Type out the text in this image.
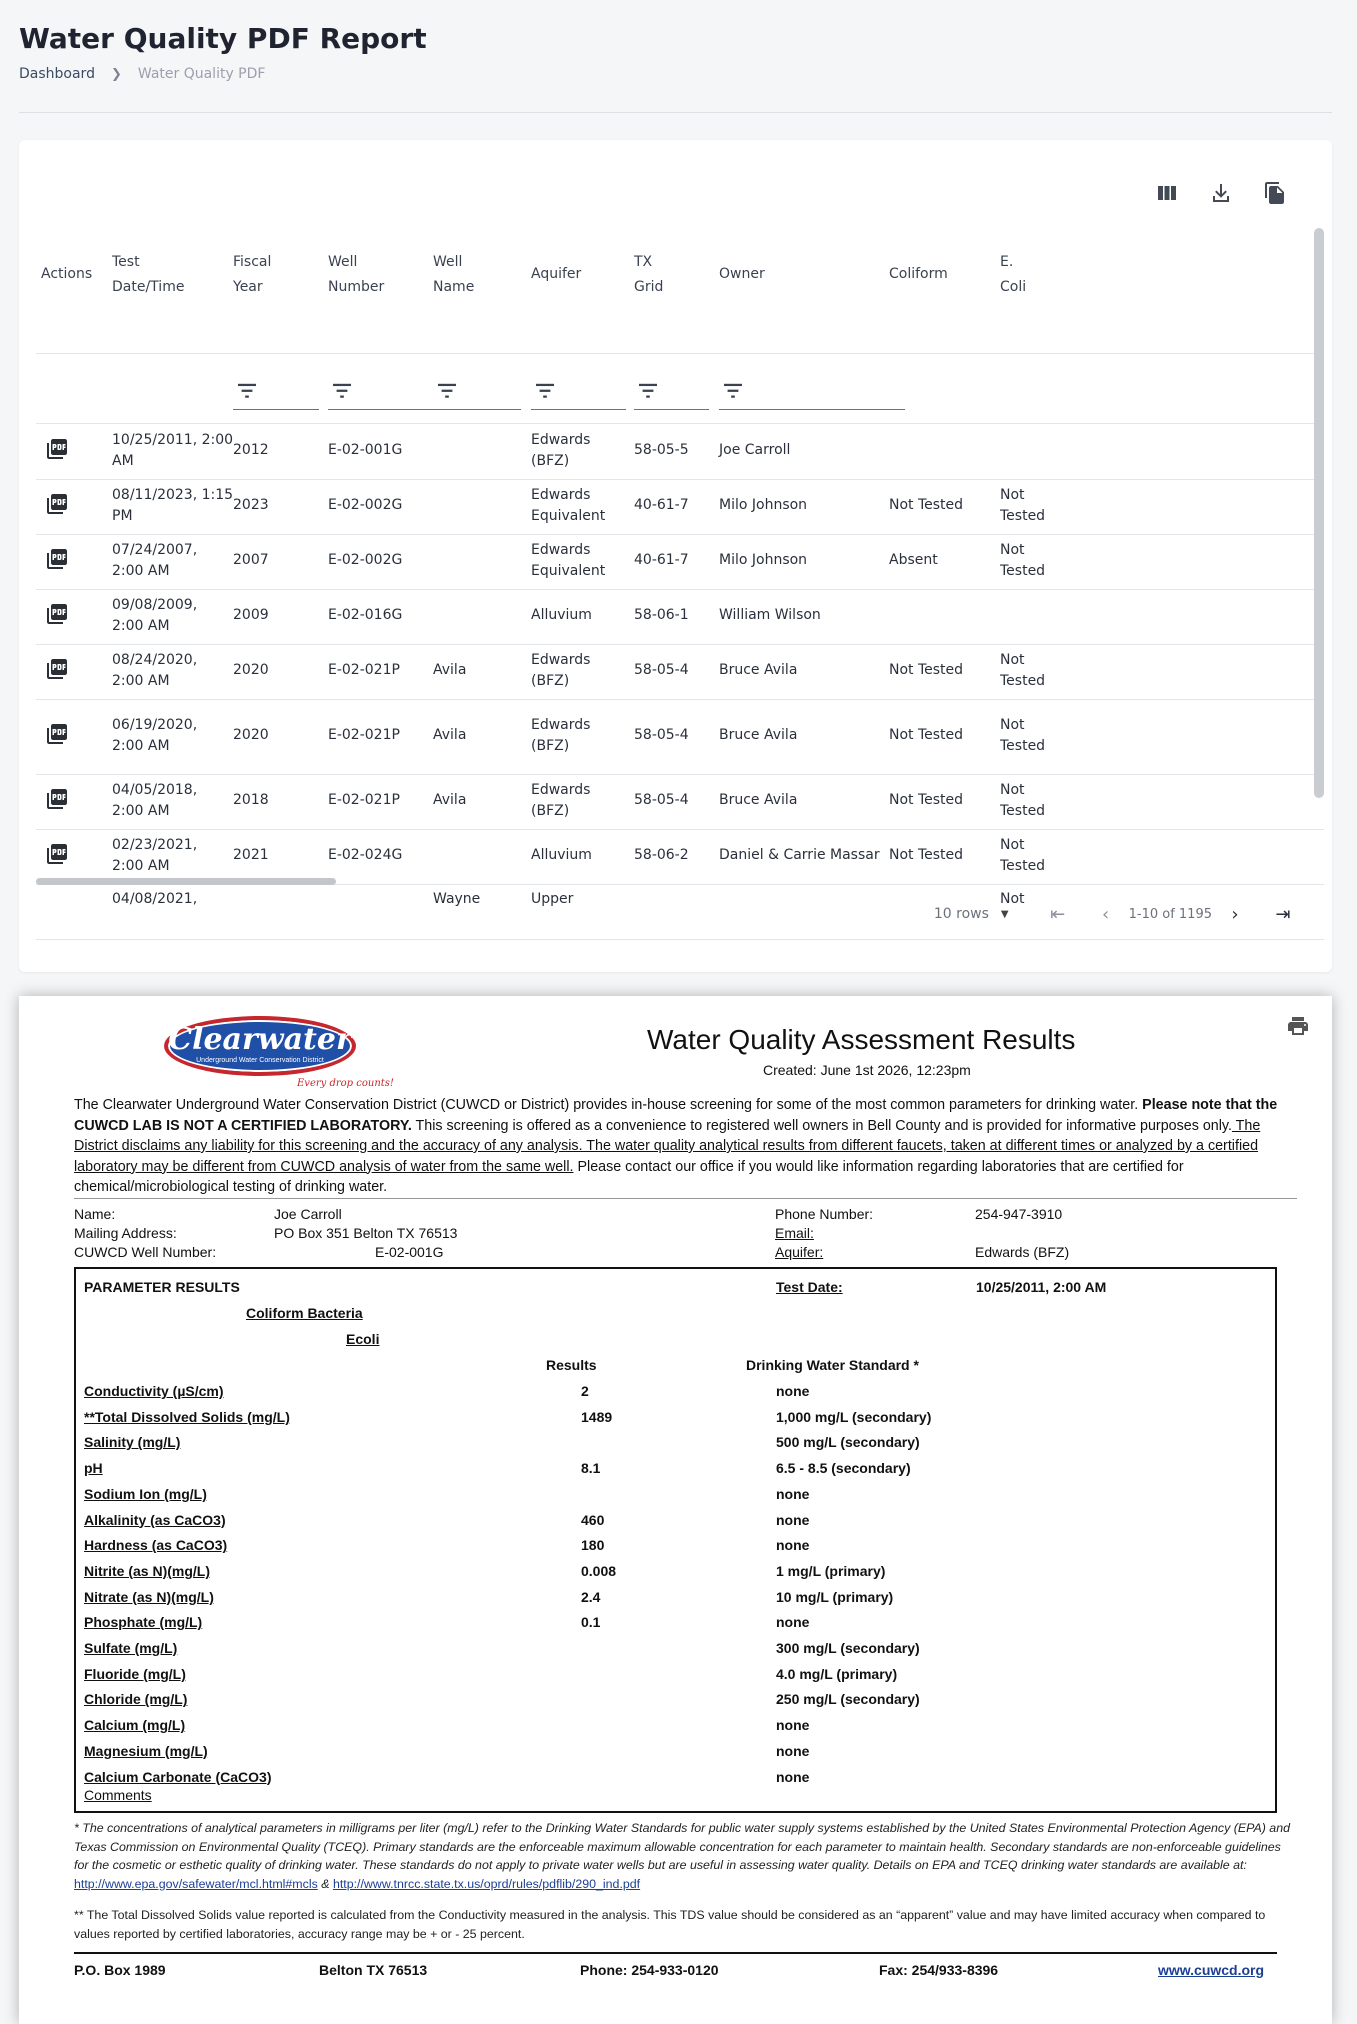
Water Quality PDF Report
Dashboard ❯ Water Quality PDF
Actions
Test
Date/Time
Fiscal
Year
Well
Number
Well
Name
Aquifer
TX
Grid
Owner	Coliform
E.
Coli
10/25/2011, 2:00
AM
2012	E-02-001G
Edwards
(BFZ)
58-05-5 Joe Carroll
08/11/2023, 1:15
PM
2023	E-02-002G
Edwards
Equivalent
40-61-7 Milo Johnson	Not Tested
Not
Tested
07/24/2007,
2:00 AM
2007	E-02-002G
Edwards
Equivalent
40-61-7 Milo Johnson	Absent
Not
Tested
09/08/2009,
2:00 AM
2009	E-02-016G	Alluvium	58-06-1 William Wilson
08/24/2020,
2:00 AM
2020	E-02-021P Avila
Edwards
(BFZ)
58-05-4 Bruce Avila	Not Tested
Not
Tested
06/19/2020,
2:00 AM
2020	E-02-021P Avila
Edwards
(BFZ)
58-05-4 Bruce Avila	Not Tested
Not
Tested
04/05/2018,
2:00 AM
2018	E-02-021P Avila
Edwards
(BFZ)
58-05-4 Bruce Avila	Not Tested
Not
Tested
02/23/2021,
2:00 AM
2021	E-02-024G	Alluvium	58-06-2 Daniel & Carrie Massar Not Tested
Not
Tested
04/08/2021,	Wayne	Upper	Not
10 rows ▼	⇤	‹	1-10 of 1195	›	⇥
Clearwater
Underground Water Conservation District
Every drop counts!
Water Quality Assessment Results
Created: June 1st 2026, 12:23pm
The Clearwater Underground Water Conservation District (CUWCD or District) provides in-house screening for some of the most common parameters for drinking water. Please note that the CUWCD LAB IS NOT A CERTIFIED LABORATORY. This screening is offered as a convenience to registered well owners in Bell County and is provided for informative purposes only. The District disclaims any liability for this screening and the accuracy of any analysis. The water quality analytical results from different faucets, taken at different times or analyzed by a certified laboratory may be different from CUWCD analysis of water from the same well. Please contact our office if you would like information regarding laboratories that are certified for chemical/microbiological testing of drinking water.
Name:	Joe Carroll
Mailing Address:	PO Box 351 Belton TX 76513
CUWCD Well Number:	E-02-001G
Phone Number:	254-947-3910
Email:
Aquifer:	Edwards (BFZ)
PARAMETER RESULTS	Test Date:	10/25/2011, 2:00 AM
Coliform Bacteria
Ecoli
Results	Drinking Water Standard *
Conductivity (µS/cm)	2	none
**Total Dissolved Solids (mg/L)	1489	1,000 mg/L (secondary)
Salinity (mg/L)	500 mg/L (secondary)
pH	8.1	6.5 - 8.5 (secondary)
Sodium Ion (mg/L)	none
Alkalinity (as CaCO3)	460	none
Hardness (as CaCO3)	180	none
Nitrite (as N)(mg/L)	0.008	1 mg/L (primary)
Nitrate (as N)(mg/L)	2.4	10 mg/L (primary)
Phosphate (mg/L)	0.1	none
Sulfate (mg/L)	300 mg/L (secondary)
Fluoride (mg/L)	4.0 mg/L (primary)
Chloride (mg/L)	250 mg/L (secondary)
Calcium (mg/L)	none
Magnesium (mg/L)	none
Calcium Carbonate (CaCO3)	none
Comments
* The concentrations of analytical parameters in milligrams per liter (mg/L) refer to the Drinking Water Standards for public water supply systems established by the United States Environmental Protection Agency (EPA) and Texas Commission on Environmental Quality (TCEQ). Primary standards are the enforceable maximum allowable concentration for each parameter to maintain health. Secondary standards are non-enforceable guidelines for the cosmetic or esthetic quality of drinking water. These standards do not apply to private water wells but are useful in assessing water quality. Details on EPA and TCEQ drinking water standards are available at: http://www.epa.gov/safewater/mcl.html#mcls & http://www.tnrcc.state.tx.us/oprd/rules/pdflib/290_ind.pdf
** The Total Dissolved Solids value reported is calculated from the Conductivity measured in the analysis. This TDS value should be considered as an “apparent” value and may have limited accuracy when compared to values reported by certified laboratories, accuracy range may be + or - 25 percent.
P.O. Box 1989	Belton TX 76513	Phone: 254-933-0120	Fax: 254/933-8396	www.cuwcd.org
